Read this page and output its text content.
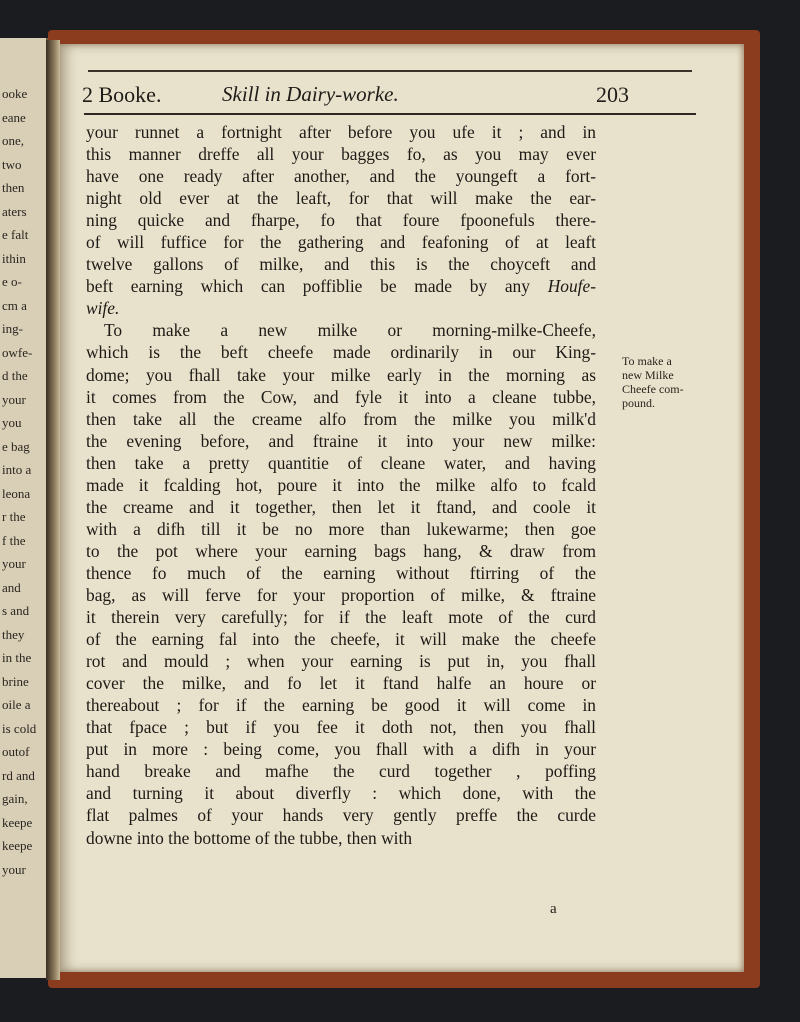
ooke
eane
one,
two
then
aters
e falt
ithin
e o-
cm a
ing-
owfe-
d the
your
you
e bag
into a
leona
r the
f the
your
and
s and
they
in the
brine
oile a
is cold
outof
rd and
gain,
keepe
keepe
your
2 Booke.	Skill in Dairy-worke.	203
your runnet a fortnight after before you ufe it ; and in
this manner dreffe all your bagges fo, as you may ever
have one ready after another, and the youngeft a fort-
night old ever at the leaft, for that will make the ear-
ning quicke and fharpe, fo that foure fpoonefuls there-
of will fuffice for the gathering and feafoning of at leaft
twelve gallons of milke, and this is the choyceft and
beft earning which can poffiblie be made by any Houfe-
wife.
To make a new milke or morning-milke-Cheefe,
which is the beft cheefe made ordinarily in our King-
dome; you fhall take your milke early in the morning as
it comes from the Cow, and fyle it into a cleane tubbe,
then take all the creame alfo from the milke you milk'd
the evening before, and ftraine it into your new milke:
then take a pretty quantitie of cleane water, and having
made it fcalding hot, poure it into the milke alfo to fcald
the creame and it together, then let it ftand, and coole it
with a difh till it be no more than lukewarme; then goe
to the pot where your earning bags hang, & draw from
thence fo much of the earning without ftirring of the
bag, as will ferve for your proportion of milke, & ftraine
it therein very carefully; for if the leaft mote of the curd
of the earning fal into the cheefe, it will make the cheefe
rot and mould ; when your earning is put in, you fhall
cover the milke, and fo let it ftand halfe an houre or
thereabout ; for if the earning be good it will come in
that fpace ; but if you fee it doth not, then you fhall
put in more : being come, you fhall with a difh in your
hand breake and mafhe the curd together , poffing
and turning it about diverfly : which done, with the
flat palmes of your hands very gently preffe the curde
downe into the bottome of the tubbe, then with
To make a
new Milke
Cheefe com-
pound.
a
